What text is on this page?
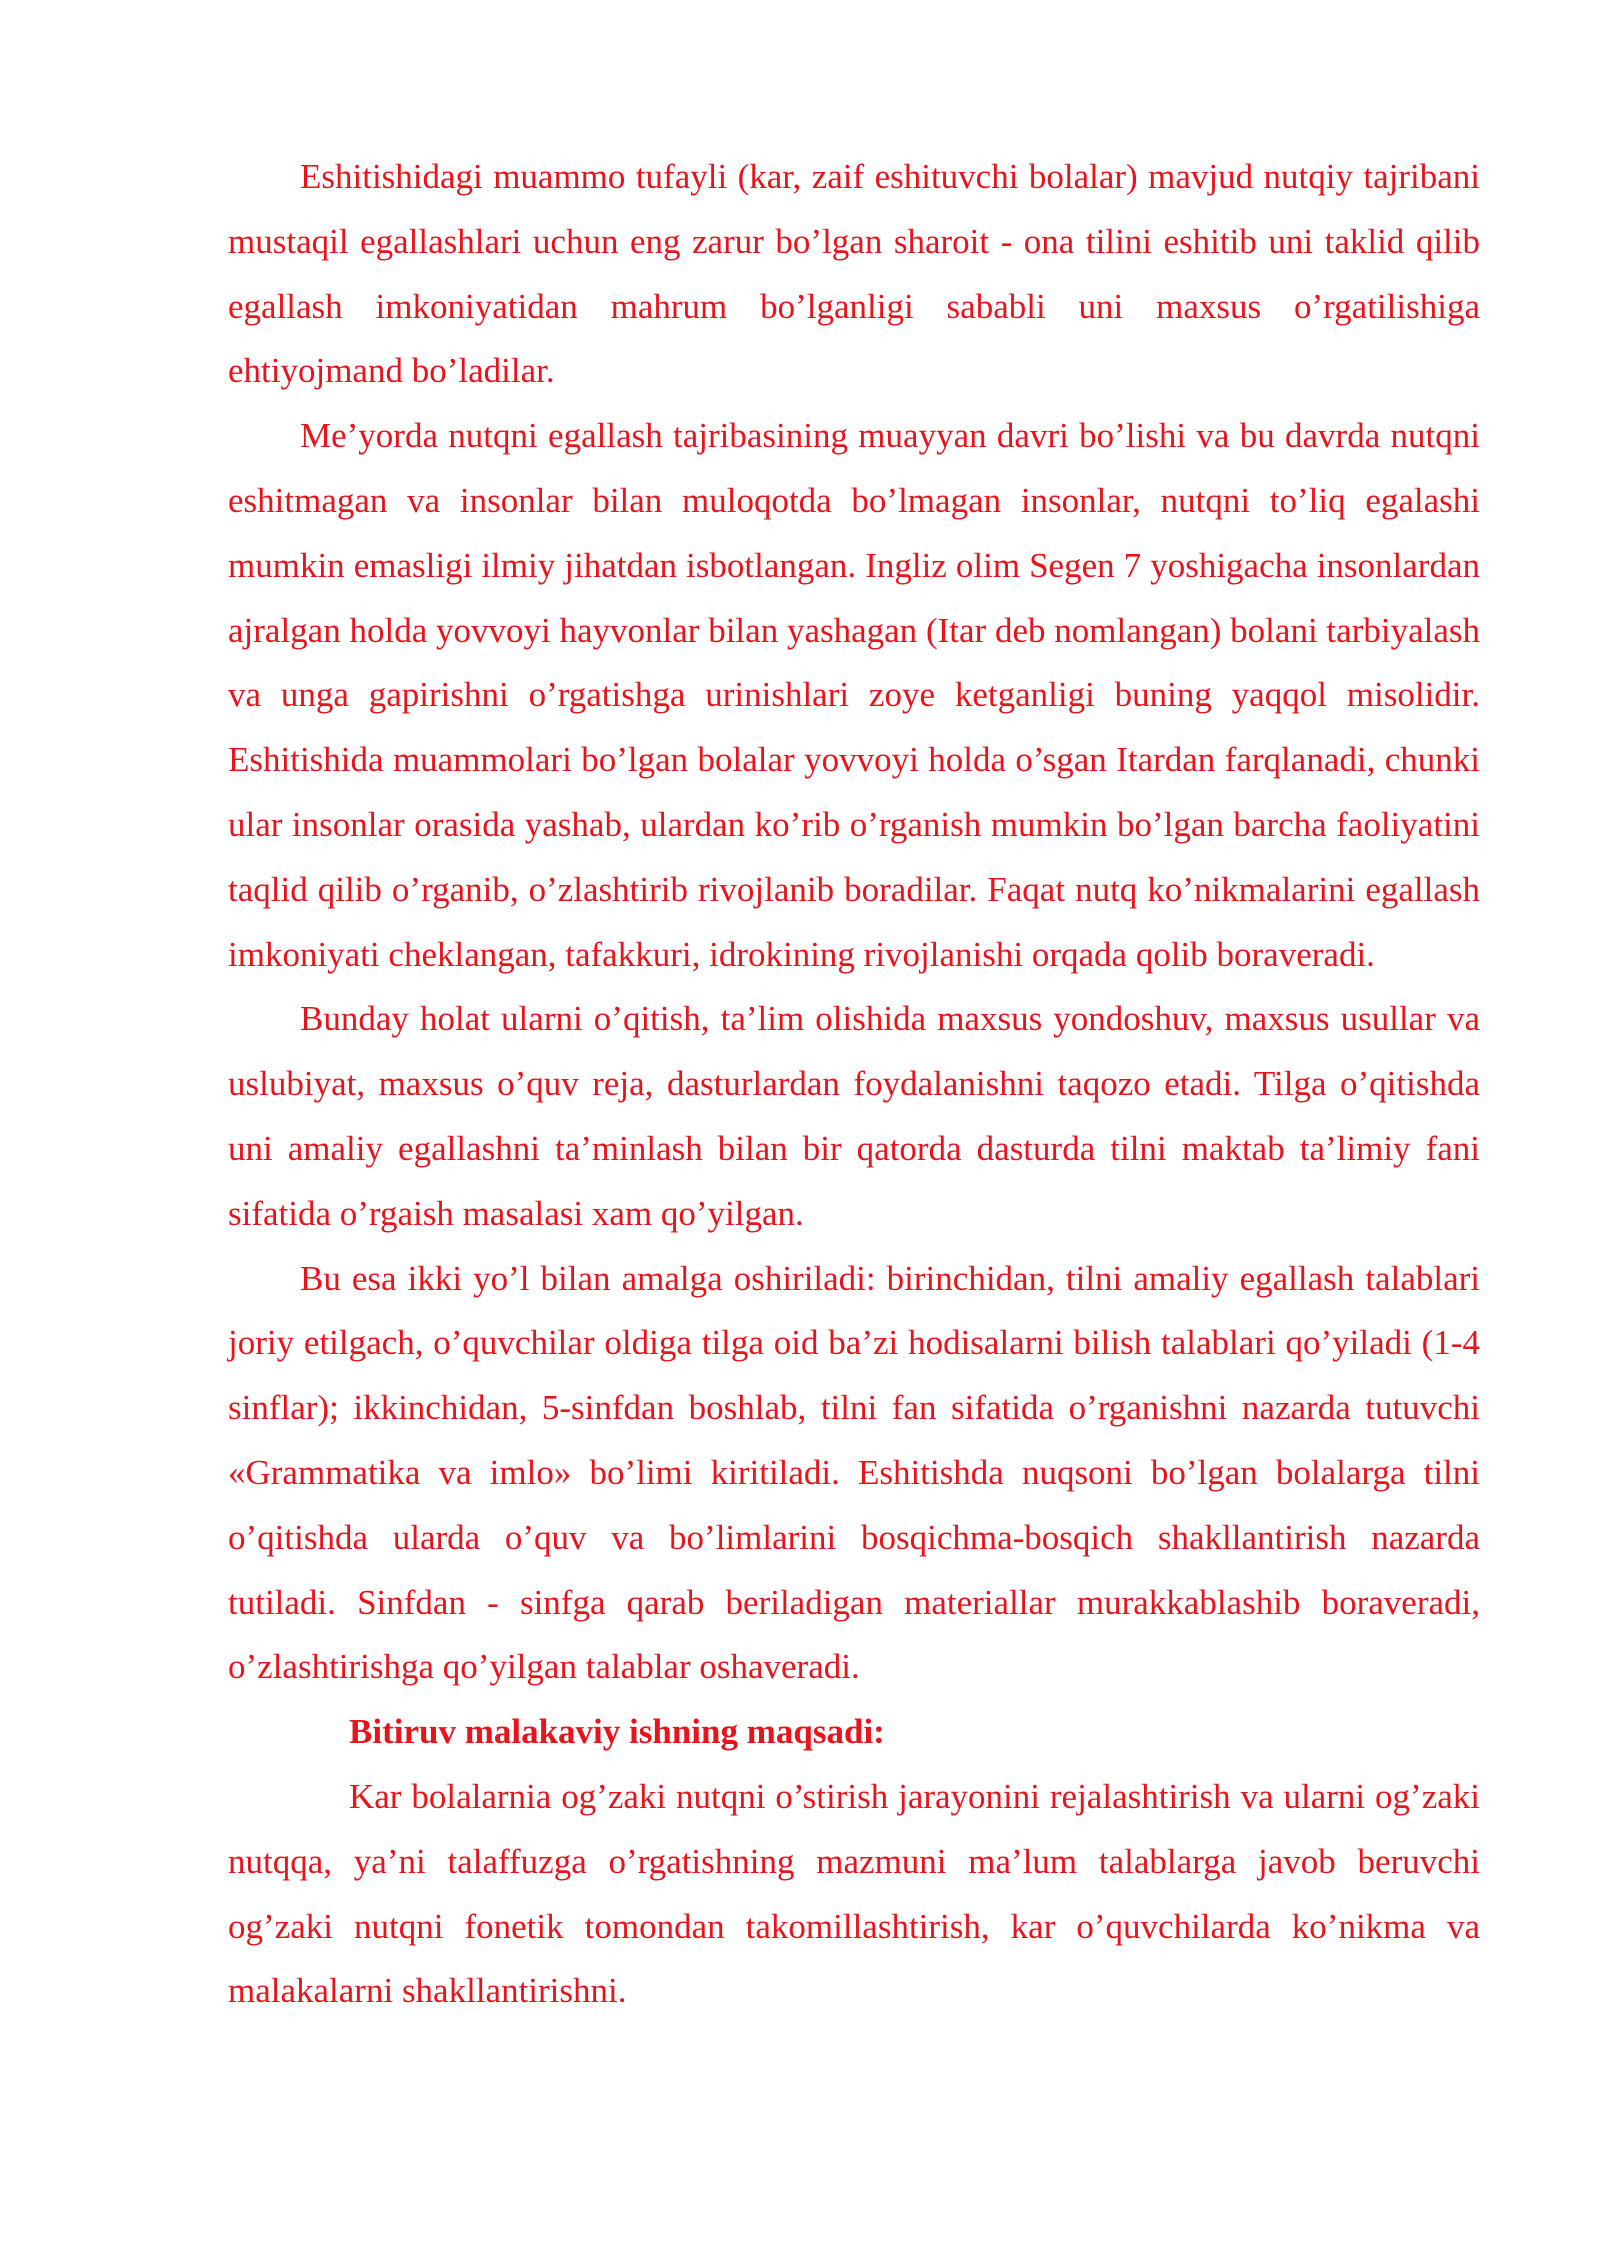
Eshitishidagi muammo tufayli (kar, zaif eshituvchi bolalar) mavjud nutqiy tajribani mustaqil egallashlari uchun eng zarur bo’lgan sharoit - ona tilini eshitib uni taklid qilib egallash imkoniyatidan mahrum bo’lganligi sababli uni maxsus o’rgatilishiga ehtiyojmand bo’ladilar.

Me’yorda nutqni egallash tajribasining muayyan davri bo’lishi va bu davrda nutqni eshitmagan va insonlar bilan muloqotda bo’lmagan insonlar, nutqni to’liq egalashi mumkin emasligi ilmiy jihatdan isbotlangan. Ingliz olim Segen 7 yoshigacha insonlardan ajralgan holda yovvoyi hayvonlar bilan yashagan (Itar deb nomlangan) bolani tarbiyalash va unga gapirishni o’rgatishga urinishlari zoye ketganligi buning yaqqol misolidir. Eshitishida muammolari bo’lgan bolalar yovvoyi holda o’sgan Itardan farqlanadi, chunki ular insonlar orasida yashab, ulardan ko’rib o’rganish mumkin bo’lgan barcha faoliyatini taqlid qilib o’rganib, o’zlashtirib rivojlanib boradilar. Faqat nutq ko’nikmalarini egallash imkoniyati cheklangan, tafakkuri, idrokining rivojlanishi orqada qolib boraveradi.

Bunday holat ularni o’qitish, ta’lim olishida maxsus yondoshuv, maxsus usullar va uslubiyat, maxsus o’quv reja, dasturlardan foydalanishni taqozo etadi. Tilga o’qitishda uni amaliy egallashni ta’minlash bilan bir qatorda dasturda tilni maktab ta’limiy fani sifatida o’rgaish masalasi xam qo’yilgan.

Bu esa ikki yo’l bilan amalga oshiriladi: birinchidan, tilni amaliy egallash talablari joriy etilgach, o’quvchilar oldiga tilga oid ba’zi hodisalarni bilish talablari qo’yiladi (1-4 sinflar); ikkinchidan, 5-sinfdan boshlab, tilni fan sifatida o’rganishni nazarda tutuvchi «Grammatika va imlo» bo’limi kiritiladi. Eshitishda nuqsoni bo’lgan bolalarga tilni o’qitishda ularda o’quv va bo’limlarini bosqichma-bosqich shakllantirish nazarda tutiladi. Sinfdan - sinfga qarab beriladigan materiallar murakkablashib boraveradi, o’zlashtirishga qo’yilgan talablar oshaveradi.

Bitiruv malakaviy ishning maqsadi:

Kar bolalarnia og’zaki nutqni o’stirish jarayonini rejalashtirish va ularni og’zaki nutqqa, ya’ni talaffuzga o’rgatishning mazmuni ma’lum talablarga javob beruvchi og’zaki nutqni fonetik tomondan takomillashtirish, kar o’quvchilarda ko’nikma va malakalarni shakllantirishni.
